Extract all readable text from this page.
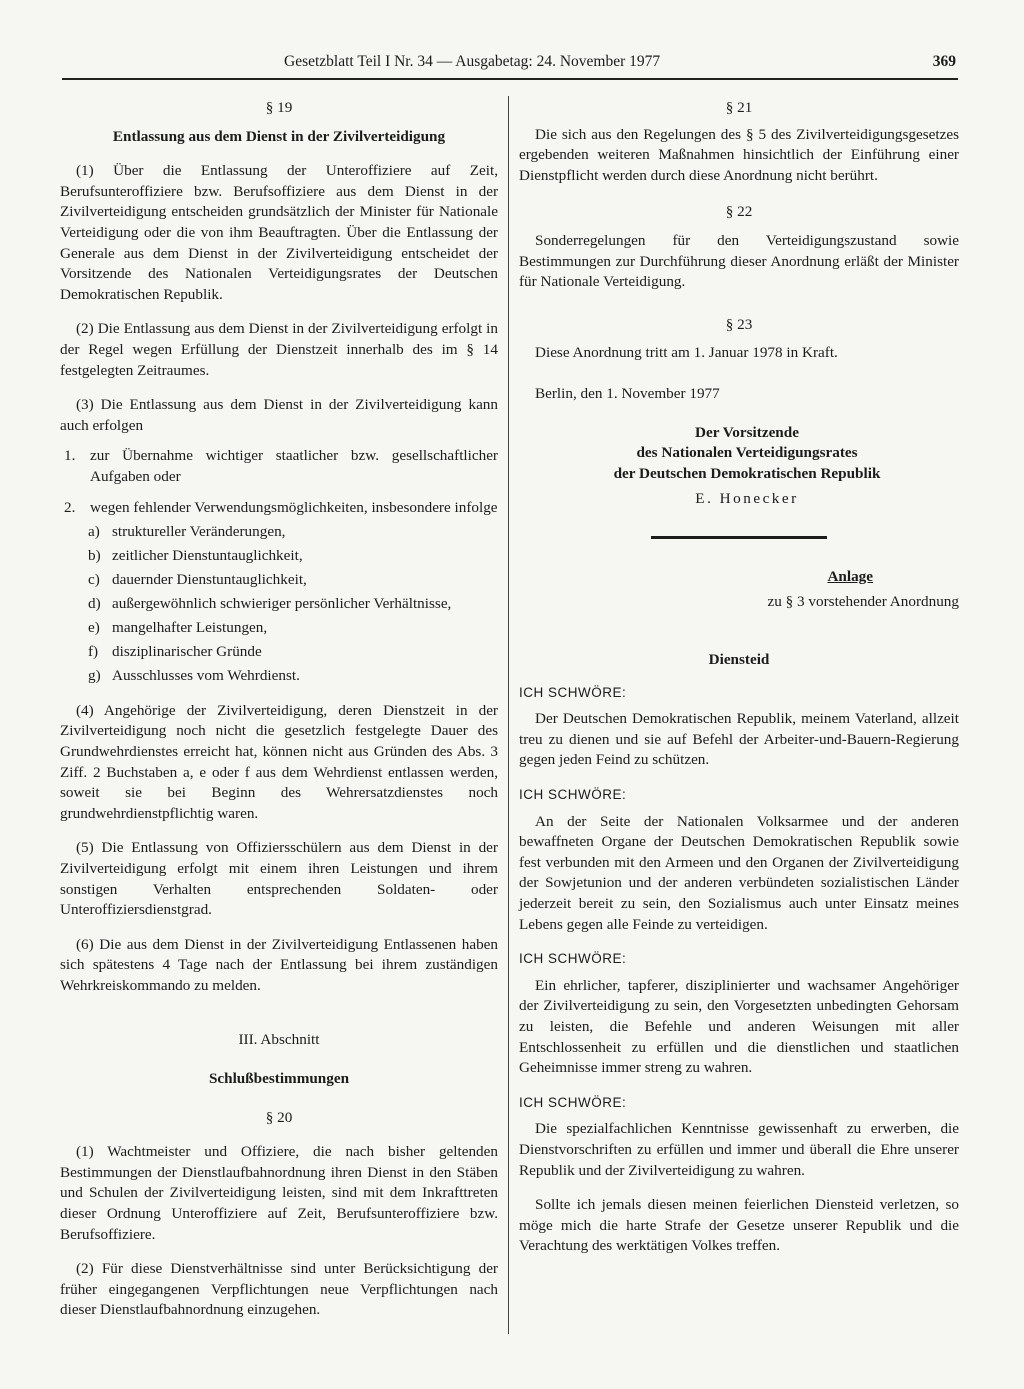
Gesetzblatt Teil I Nr. 34 — Ausgabetag: 24. November 1977	369

§ 19

Entlassung aus dem Dienst in der Zivilverteidigung

(1) Über die Entlassung der Unteroffiziere auf Zeit, Berufsunteroffiziere bzw. Berufsoffiziere aus dem Dienst in der Zivilverteidigung entscheiden grundsätzlich der Minister für Nationale Verteidigung oder die von ihm Beauftragten. Über die Entlassung der Generale aus dem Dienst in der Zivilverteidigung entscheidet der Vorsitzende des Nationalen Verteidigungsrates der Deutschen Demokratischen Republik.

(2) Die Entlassung aus dem Dienst in der Zivilverteidigung erfolgt in der Regel wegen Erfüllung der Dienstzeit innerhalb des im § 14 festgelegten Zeitraumes.

(3) Die Entlassung aus dem Dienst in der Zivilverteidigung kann auch erfolgen

1. zur Übernahme wichtiger staatlicher bzw. gesellschaftlicher Aufgaben oder
2. wegen fehlender Verwendungsmöglichkeiten, insbesondere infolge
a) struktureller Veränderungen,
b) zeitlicher Dienstuntauglichkeit,
c) dauernder Dienstuntauglichkeit,
d) außergewöhnlich schwieriger persönlicher Verhältnisse,
e) mangelhafter Leistungen,
f) disziplinarischer Gründe
g) Ausschlusses vom Wehrdienst.

(4) Angehörige der Zivilverteidigung, deren Dienstzeit in der Zivilverteidigung noch nicht die gesetzlich festgelegte Dauer des Grundwehrdienstes erreicht hat, können nicht aus Gründen des Abs. 3 Ziff. 2 Buchstaben a, e oder f aus dem Wehrdienst entlassen werden, soweit sie bei Beginn des Wehrersatzdienstes noch grundwehrdienstpflichtig waren.

(5) Die Entlassung von Offiziersschülern aus dem Dienst in der Zivilverteidigung erfolgt mit einem ihren Leistungen und ihrem sonstigen Verhalten entsprechenden Soldaten- oder Unteroffiziersdienstgrad.

(6) Die aus dem Dienst in der Zivilverteidigung Entlassenen haben sich spätestens 4 Tage nach der Entlassung bei ihrem zuständigen Wehrkreiskommando zu melden.

III. Abschnitt

Schlußbestimmungen

§ 20

(1) Wachtmeister und Offiziere, die nach bisher geltenden Bestimmungen der Dienstlaufbahnordnung ihren Dienst in den Stäben und Schulen der Zivilverteidigung leisten, sind mit dem Inkrafttreten dieser Ordnung Unteroffiziere auf Zeit, Berufsunteroffiziere bzw. Berufsoffiziere.

(2) Für diese Dienstverhältnisse sind unter Berücksichtigung der früher eingegangenen Verpflichtungen neue Verpflichtungen nach dieser Dienstlaufbahnordnung einzugehen.

§ 21

Die sich aus den Regelungen des § 5 des Zivilverteidigungsgesetzes ergebenden weiteren Maßnahmen hinsichtlich der Einführung einer Dienstpflicht werden durch diese Anordnung nicht berührt.

§ 22

Sonderregelungen für den Verteidigungszustand sowie Bestimmungen zur Durchführung dieser Anordnung erläßt der Minister für Nationale Verteidigung.

§ 23

Diese Anordnung tritt am 1. Januar 1978 in Kraft.

Berlin, den 1. November 1977

Der Vorsitzende

des Nationalen Verteidigungsrates

der Deutschen Demokratischen Republik

E. Honecker

Anlage

zu § 3 vorstehender Anordnung

Diensteid

ICH SCHWÖRE:

Der Deutschen Demokratischen Republik, meinem Vaterland, allzeit treu zu dienen und sie auf Befehl der Arbeiter-und-Bauern-Regierung gegen jeden Feind zu schützen.

ICH SCHWÖRE:

An der Seite der Nationalen Volksarmee und der anderen bewaffneten Organe der Deutschen Demokratischen Republik sowie fest verbunden mit den Armeen und den Organen der Zivilverteidigung der Sowjetunion und der anderen verbündeten sozialistischen Länder jederzeit bereit zu sein, den Sozialismus auch unter Einsatz meines Lebens gegen alle Feinde zu verteidigen.

ICH SCHWÖRE:

Ein ehrlicher, tapferer, disziplinierter und wachsamer Angehöriger der Zivilverteidigung zu sein, den Vorgesetzten unbedingten Gehorsam zu leisten, die Befehle und anderen Weisungen mit aller Entschlossenheit zu erfüllen und die dienstlichen und staatlichen Geheimnisse immer streng zu wahren.

ICH SCHWÖRE:

Die spezialfachlichen Kenntnisse gewissenhaft zu erwerben, die Dienstvorschriften zu erfüllen und immer und überall die Ehre unserer Republik und der Zivilverteidigung zu wahren.

Sollte ich jemals diesen meinen feierlichen Diensteid verletzen, so möge mich die harte Strafe der Gesetze unserer Republik und die Verachtung des werktätigen Volkes treffen.
